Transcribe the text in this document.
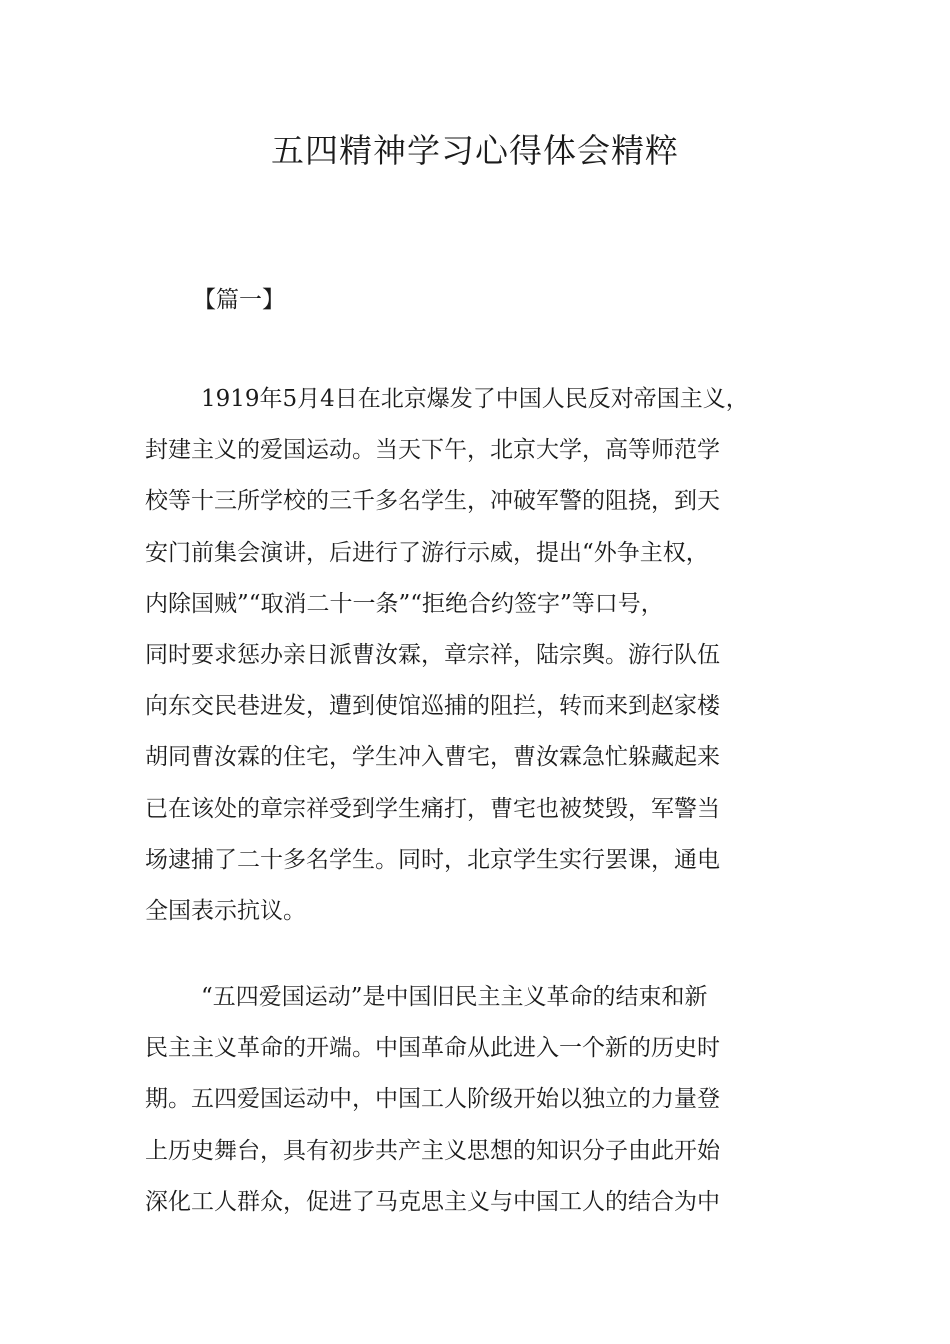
五四精神学习心得体会精粹
【篇一】

1919年5月4日在北京爆发了中国人民反对帝国主义，
封建主义的爱国运动。当天下午，北京大学，高等师范学
校等十三所学校的三千多名学生，冲破军警的阻挠，到天
安门前集会演讲，后进行了游行示威，提出“外争主权，
内除国贼”“取消二十一条”“拒绝合约签字”等口号，
同时要求惩办亲日派曹汝霖，章宗祥，陆宗舆。游行队伍
向东交民巷进发，遭到使馆巡捕的阻拦，转而来到赵家楼
胡同曹汝霖的住宅，学生冲入曹宅，曹汝霖急忙躲藏起来
已在该处的章宗祥受到学生痛打，曹宅也被焚毁，军警当
场逮捕了二十多名学生。同时，北京学生实行罢课，通电
全国表示抗议。

“五四爱国运动”是中国旧民主主义革命的结束和新
民主主义革命的开端。中国革命从此进入一个新的历史时
期。五四爱国运动中，中国工人阶级开始以独立的力量登
上历史舞台，具有初步共产主义思想的知识分子由此开始
深化工人群众，促进了马克思主义与中国工人的结合为中
